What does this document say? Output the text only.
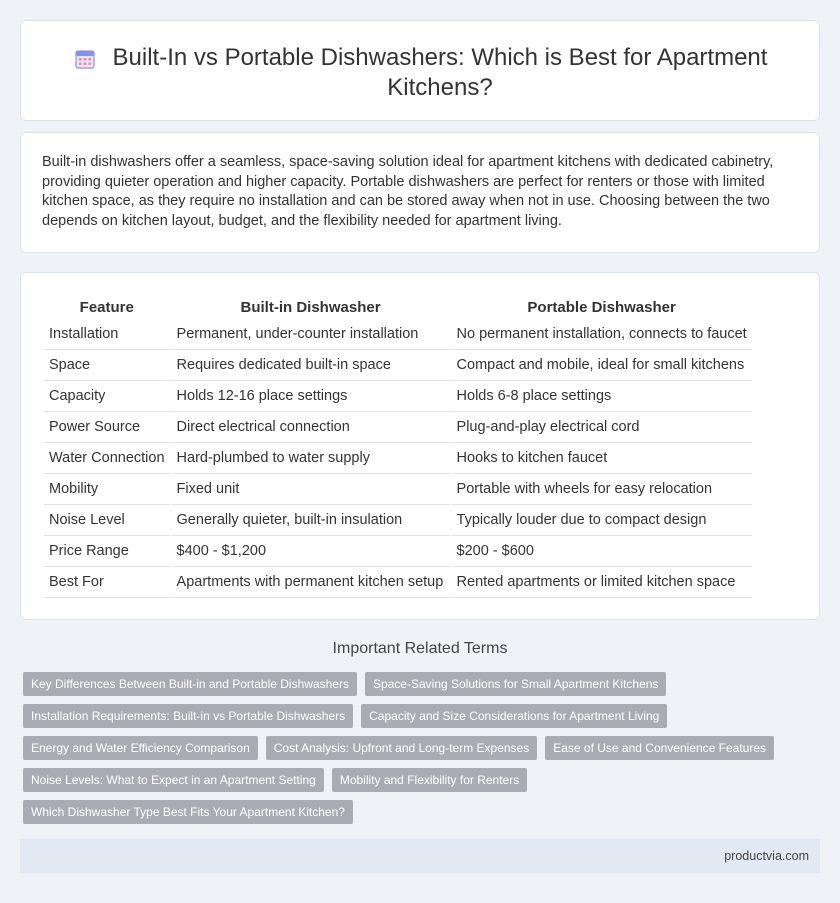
Built-In vs Portable Dishwashers: Which is Best for Apartment Kitchens?
Built-in dishwashers offer a seamless, space-saving solution ideal for apartment kitchens with dedicated cabinetry, providing quieter operation and higher capacity. Portable dishwashers are perfect for renters or those with limited kitchen space, as they require no installation and can be stored away when not in use. Choosing between the two depends on kitchen layout, budget, and the flexibility needed for apartment living.
Feature	Built-in Dishwasher	Portable Dishwasher
Installation	Permanent, under-counter installation	No permanent installation, connects to faucet
Space	Requires dedicated built-in space	Compact and mobile, ideal for small kitchens
Capacity	Holds 12-16 place settings	Holds 6-8 place settings
Power Source	Direct electrical connection	Plug-and-play electrical cord
Water Connection	Hard-plumbed to water supply	Hooks to kitchen faucet
Mobility	Fixed unit	Portable with wheels for easy relocation
Noise Level	Generally quieter, built-in insulation	Typically louder due to compact design
Price Range	$400 - $1,200	$200 - $600
Best For	Apartments with permanent kitchen setup	Rented apartments or limited kitchen space
Important Related Terms
Key Differences Between Built-in and Portable Dishwashers	Space-Saving Solutions for Small Apartment Kitchens
Installation Requirements: Built-in vs Portable Dishwashers	Capacity and Size Considerations for Apartment Living
Energy and Water Efficiency Comparison	Cost Analysis: Upfront and Long-term Expenses	Ease of Use and Convenience Features
Noise Levels: What to Expect in an Apartment Setting	Mobility and Flexibility for Renters
Which Dishwasher Type Best Fits Your Apartment Kitchen?
productvia.com
